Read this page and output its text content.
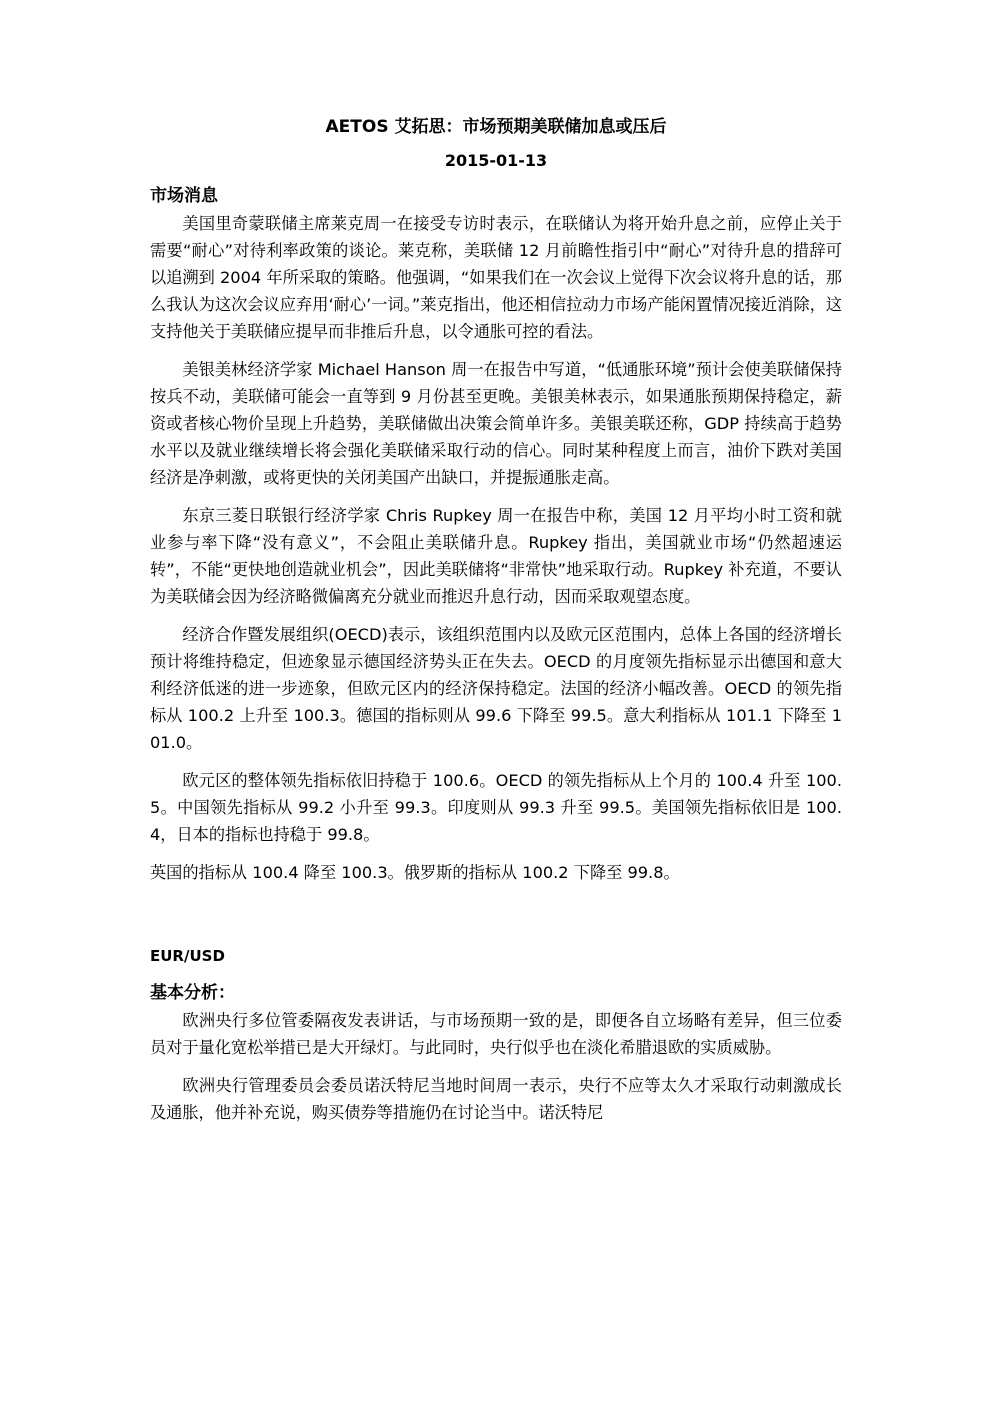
AETOS 艾拓思：市场预期美联储加息或压后
2015-01-13
市场消息

美国里奇蒙联储主席莱克周一在接受专访时表示，在联储认为将开始升息之前，应停止关于需要“耐心”对待利率政策的谈论。莱克称，美联储 12 月前瞻性指引中“耐心”对待升息的措辞可以追溯到 2004 年所采取的策略。他强调，“如果我们在一次会议上觉得下次会议将升息的话，那么我认为这次会议应弃用‘耐心’一词。”莱克指出，他还相信拉动力市场产能闲置情况接近消除，这支持他关于美联储应提早而非推后升息，以令通胀可控的看法。

美银美林经济学家 Michael Hanson 周一在报告中写道，“低通胀环境”预计会使美联储保持按兵不动，美联储可能会一直等到 9 月份甚至更晚。美银美林表示，如果通胀预期保持稳定，薪资或者核心物价呈现上升趋势，美联储做出决策会简单许多。美银美联还称，GDP 持续高于趋势水平以及就业继续增长将会强化美联储采取行动的信心。同时某种程度上而言，油价下跌对美国经济是净刺激，或将更快的关闭美国产出缺口，并提振通胀走高。

东京三菱日联银行经济学家 Chris Rupkey 周一在报告中称，美国 12 月平均小时工资和就业参与率下降“没有意义”，不会阻止美联储升息。Rupkey 指出，美国就业市场“仍然超速运转”，不能“更快地创造就业机会”，因此美联储将“非常快”地采取行动。Rupkey 补充道，不要认为美联储会因为经济略微偏离充分就业而推迟升息行动，因而采取观望态度。

经济合作暨发展组织(OECD)表示，该组织范围内以及欧元区范围内，总体上各国的经济增长预计将维持稳定，但迹象显示德国经济势头正在失去。OECD 的月度领先指标显示出德国和意大利经济低迷的进一步迹象，但欧元区内的经济保持稳定。法国的经济小幅改善。OECD 的领先指标从 100.2 上升至 100.3。德国的指标则从 99.6 下降至 99.5。意大利指标从 101.1 下降至 101.0。

欧元区的整体领先指标依旧持稳于 100.6。OECD 的领先指标从上个月的 100.4 升至 100.5。中国领先指标从 99.2 小升至 99.3。印度则从 99.3 升至 99.5。美国领先指标依旧是 100.4，日本的指标也持稳于 99.8。

英国的指标从 100.4 降至 100.3。俄罗斯的指标从 100.2 下降至 99.8。

EUR/USD
基本分析：

欧洲央行多位管委隔夜发表讲话，与市场预期一致的是，即便各自立场略有差异，但三位委员对于量化宽松举措已是大开绿灯。与此同时，央行似乎也在淡化希腊退欧的实质威胁。

欧洲央行管理委员会委员诺沃特尼当地时间周一表示，央行不应等太久才采取行动刺激成长及通胀，他并补充说，购买债券等措施仍在讨论当中。诺沃特尼
